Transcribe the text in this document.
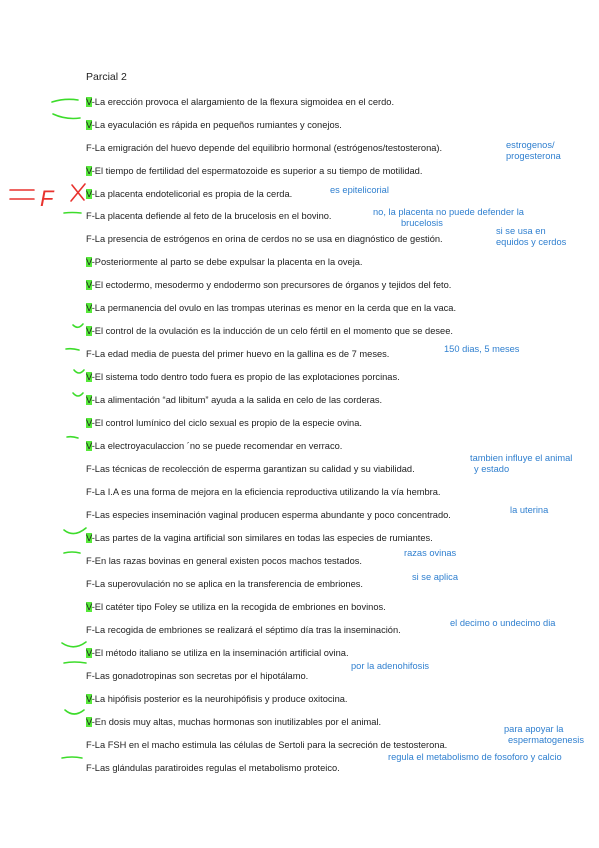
Parcial 2
V-La erección provoca el alargamiento de la flexura sigmoidea en el cerdo.
V-La eyaculación es rápida en pequeños rumiantes y conejos.
F-La emigración del huevo depende del equilibrio hormonal (estrógenos/testosterona).
V-El tiempo de fertilidad del espermatozoide es superior a su tiempo de motilidad.
V-La placenta endotelicorial es propia de la cerda.
F-La placenta defiende al feto de la brucelosis en el bovino.
F-La presencia de estrógenos en orina de cerdos no se usa en diagnóstico de gestión.
V-Posteriormente al parto se debe expulsar la placenta en la oveja.
V-El ectodermo, mesodermo y endodermo son precursores de órganos y tejidos del feto.
V-La permanencia del ovulo en las trompas uterinas es menor en la cerda que en la vaca.
V-El control de la ovulación es la inducción de un celo fértil en el momento que se desee.
F-La edad media de puesta del primer huevo en la gallina es de 7 meses.
V-El sistema todo dentro todo fuera es propio de las explotaciones porcinas.
V-La alimentación “ad libitum” ayuda a la salida en celo de las corderas.
V-El control lumínico del ciclo sexual es propio de la especie ovina.
V-La electroyaculaccion ´no se puede recomendar en verraco.
F-Las técnicas de recolección de esperma garantizan su calidad y su viabilidad.
F-La I.A es una forma de mejora en la eficiencia reproductiva utilizando la vía hembra.
F-Las especies inseminación vaginal producen esperma abundante y poco concentrado.
V-Las partes de la vagina artificial son similares en todas las especies de rumiantes.
F-En las razas bovinas en general existen pocos machos testados.
F-La superovulación no se aplica en la transferencia de embriones.
V-El catéter tipo Foley se utiliza en la recogida de embriones en bovinos.
F-La recogida de embriones se realizará el séptimo día tras la inseminación.
V-El método italiano se utiliza en la inseminación artificial ovina.
F-Las gonadotropinas son secretas por el hipotálamo.
V-La hipófisis posterior es la neurohipófisis y produce oxitocina.
V-En dosis muy altas, muchas hormonas son inutilizables por el animal.
F-La FSH en el macho estimula las células de Sertoli para la secreción de testosterona.
F-Las glándulas paratiroides regulas el metabolismo proteico.
estrogenos/
progesterona
es epitelicorial
no, la placenta no puede defender la
brucelosis
si se usa en
equidos y cerdos
150 dias, 5 meses
tambien influye el animal
y estado
la uterina
razas ovinas
si se aplica
el decimo o undecimo dia
por la adenohifosis
para apoyar la
espermatogenesis
regula el metabolismo de fosoforo y calcio
F
